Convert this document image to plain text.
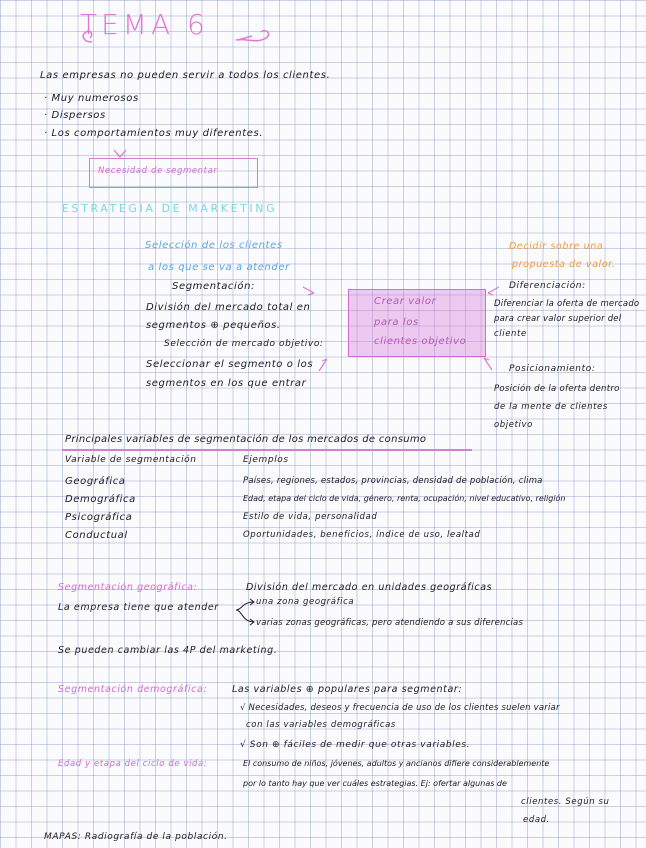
TEMA 6
Las empresas no pueden servir a todos los clientes.
· Muy numerosos
· Dispersos
· Los comportamientos muy diferentes.
Necesidad de segmentar
ESTRATEGIA DE MARKETING
Selección de los clientes
a los que se va a atender
Segmentación:
División del mercado total en
segmentos ⊕ pequeños.
Selección de mercado objetivo:
Seleccionar el segmento o los
segmentos en los que entrar
Crear valor
para los
clientes objetivo
Decidir sobre una
propuesta de valor.
Diferenciación:
Diferenciar la oferta de mercado
para crear valor superior del
cliente
Posicionamiento:
Posición de la oferta dentro
de la mente de clientes
objetivo
Principales variables de segmentación de los mercados de consumo
Variable de segmentación	Ejemplos
Geográfica	Países, regiones, estados, provincias, densidad de población, clima
Demográfica	Edad, etapa del ciclo de vida, género, renta, ocupación, nivel educativo, religión
Psicográfica	Estilo de vida, personalidad
Conductual	Oportunidades, beneficios, índice de uso, lealtad
Segmentación geográfica:	División del mercado en unidades geográficas
La empresa tiene que atender	una zona geográfica
varias zonas geográficas, pero atendiendo a sus diferencias
Se pueden cambiar las 4P del marketing.
Segmentación demográfica:	Las variables ⊕ populares para segmentar:
√ Necesidades, deseos y frecuencia de uso de los clientes suelen variar
con las variables demográficas
√ Son ⊕ fáciles de medir que otras variables.
Edad y etapa del ciclo de vida:	El consumo de niños, jóvenes, adultos y ancianos difiere considerablemente
por lo tanto hay que ver cuáles estrategias. Ej: ofertar algunas de
clientes. Según su
edad.
MAPAS: Radiografía de la población.
